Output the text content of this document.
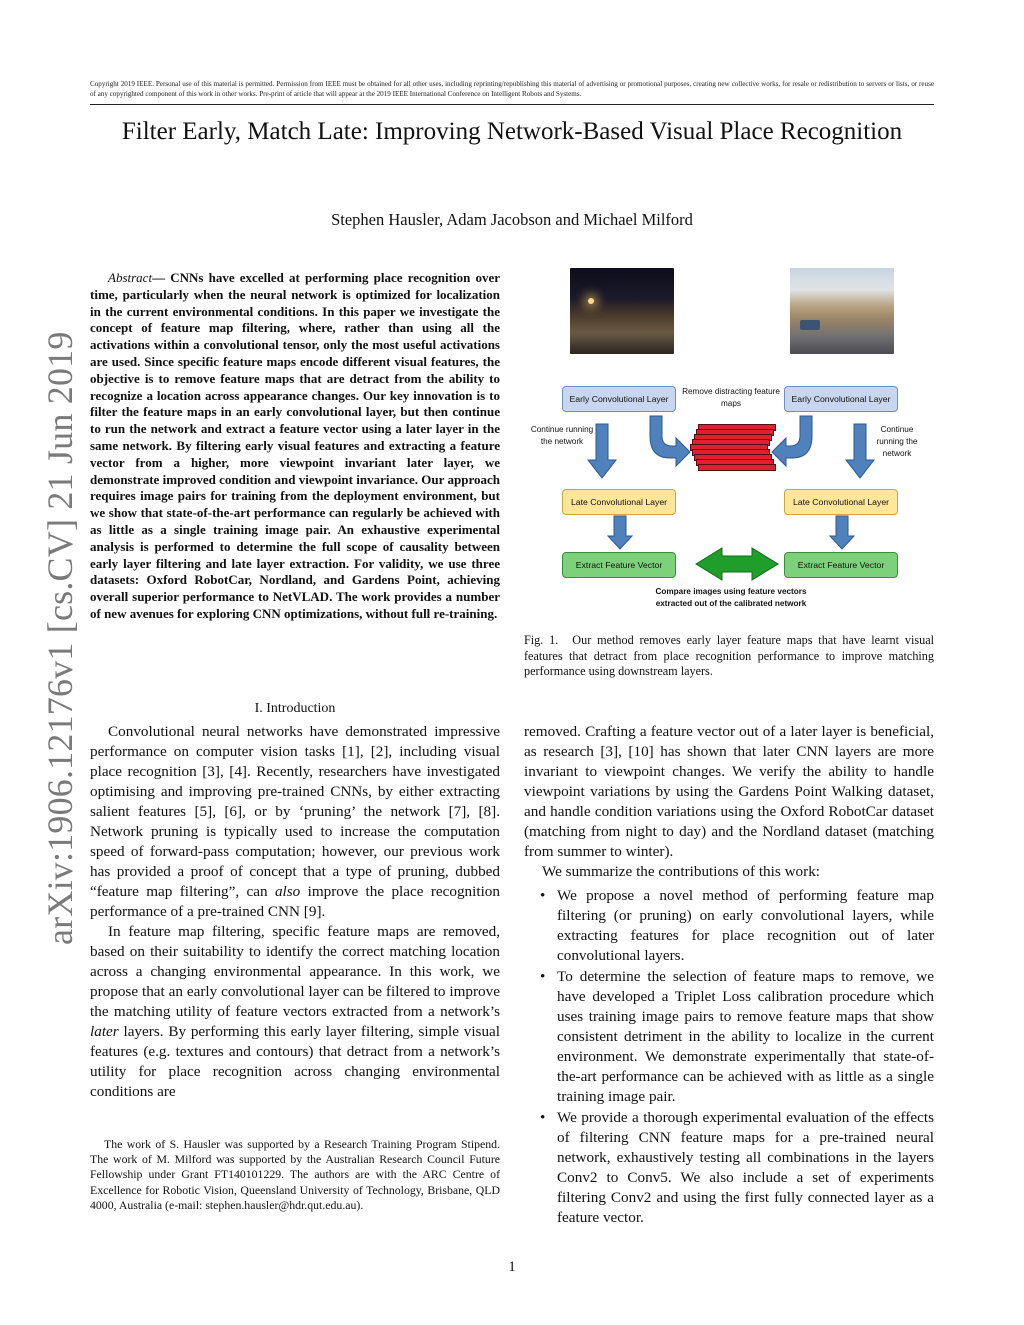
Copyright 2019 IEEE. Personal use of this material is permitted. Permission from IEEE must be obtained for all other uses, including reprinting/republishing this material of advertising or promotional purposes, creating new collective works, for resale or redistribution to servers or lists, or reuse of any copyrighted component of this work in other works. Pre-print of article that will appear at the 2019 IEEE International Conference on Intelligent Robots and Systems.
Filter Early, Match Late: Improving Network-Based Visual Place Recognition
Stephen Hausler, Adam Jacobson and Michael Milford
arXiv:1906.12176v1 [cs.CV] 21 Jun 2019
Abstract— CNNs have excelled at performing place recognition over time, particularly when the neural network is optimized for localization in the current environmental conditions. In this paper we investigate the concept of feature map filtering, where, rather than using all the activations within a convolutional tensor, only the most useful activations are used. Since specific feature maps encode different visual features, the objective is to remove feature maps that are detract from the ability to recognize a location across appearance changes. Our key innovation is to filter the feature maps in an early convolutional layer, but then continue to run the network and extract a feature vector using a later layer in the same network. By filtering early visual features and extracting a feature vector from a higher, more viewpoint invariant later layer, we demonstrate improved condition and viewpoint invariance. Our approach requires image pairs for training from the deployment environment, but we show that state-of-the-art performance can regularly be achieved with as little as a single training image pair. An exhaustive experimental analysis is performed to determine the full scope of causality between early layer filtering and late layer extraction. For validity, we use three datasets: Oxford RobotCar, Nordland, and Gardens Point, achieving overall superior performance to NetVLAD. The work provides a number of new avenues for exploring CNN optimizations, without full re-training.
I. Introduction

Convolutional neural networks have demonstrated impressive performance on computer vision tasks [1], [2], including visual place recognition [3], [4]. Recently, researchers have investigated optimising and improving pre-trained CNNs, by either extracting salient features [5], [6], or by ‘pruning’ the network [7], [8]. Network pruning is typically used to increase the computation speed of forward-pass computation; however, our previous work has provided a proof of concept that a type of pruning, dubbed “feature map filtering”, can also improve the place recognition performance of a pre-trained CNN [9].

In feature map filtering, specific feature maps are removed, based on their suitability to identify the correct matching location across a changing environmental appearance. In this work, we propose that an early convolutional layer can be filtered to improve the matching utility of feature vectors extracted from a network’s later layers. By performing this early layer filtering, simple visual features (e.g. textures and contours) that detract from a network’s utility for place recognition across changing environmental conditions are

The work of S. Hausler was supported by a Research Training Program Stipend. The work of M. Milford was supported by the Australian Research Council Future Fellowship under Grant FT140101229. The authors are with the ARC Centre of Excellence for Robotic Vision, Queensland University of Technology, Brisbane, QLD 4000, Australia (e-mail: stephen.hausler@hdr.qut.edu.au).
Early Convolutional Layer	Early Convolutional Layer
Remove distracting feature maps
Continue running the network
Continue running the network
Late Convolutional Layer	Late Convolutional Layer
Extract Feature Vector	Extract Feature Vector
Compare images using feature vectors extracted out of the calibrated network
Fig. 1. Our method removes early layer feature maps that have learnt visual features that detract from place recognition performance to improve matching performance using downstream layers.

removed. Crafting a feature vector out of a later layer is beneficial, as research [3], [10] has shown that later CNN layers are more invariant to viewpoint changes. We verify the ability to handle viewpoint variations by using the Gardens Point Walking dataset, and handle condition variations using the Oxford RobotCar dataset (matching from night to day) and the Nordland dataset (matching from summer to winter).

We summarize the contributions of this work:

• We propose a novel method of performing feature map filtering (or pruning) on early convolutional layers, while extracting features for place recognition out of later convolutional layers.
• To determine the selection of feature maps to remove, we have developed a Triplet Loss calibration procedure which uses training image pairs to remove feature maps that show consistent detriment in the ability to localize in the current environment. We demonstrate experimentally that state-of-the-art performance can be achieved with as little as a single training image pair.
• We provide a thorough experimental evaluation of the effects of filtering CNN feature maps for a pre-trained neural network, exhaustively testing all combinations in the layers Conv2 to Conv5. We also include a set of experiments filtering Conv2 and using the first fully connected layer as a feature vector.
1
